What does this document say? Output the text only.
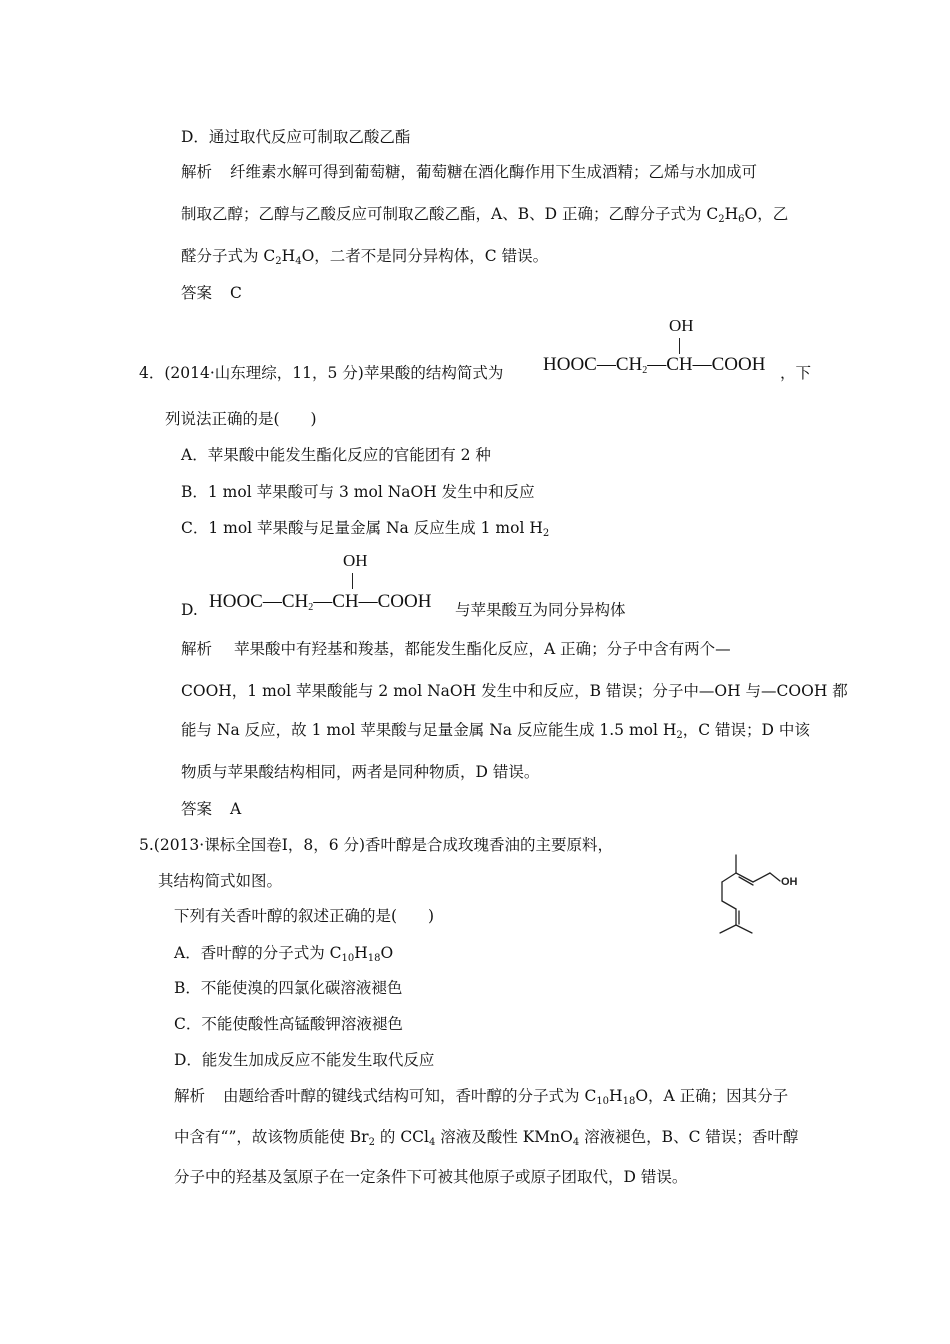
D．通过取代反应可制取乙酸乙酯
解析 纤维素水解可得到葡萄糖，葡萄糖在酒化酶作用下生成酒精；乙烯与水加成可
制取乙醇；乙醇与乙酸反应可制取乙酸乙酯，A、B、D 正确；乙醇分子式为 $C_2H_6O$，乙
醛分子式为 $C_2H_4O$，二者不是同分异构体，C 错误。
答案 C
4．(2014·山东理综，11，5 分)苹果酸的结构简式为
OH
HOOC—CH2—CH—COOH ，下
列说法正确的是(　　)
A．苹果酸中能发生酯化反应的官能团有 2 种
B．1 mol 苹果酸可与 3 mol NaOH 发生中和反应
C．1 mol 苹果酸与足量金属 Na 反应生成 1 mol $H_2$
D.
OH
HOOC—CH2—CH—COOH 与苹果酸互为同分异构体
解析 苹果酸中有羟基和羧基，都能发生酯化反应，A 正确；分子中含有两个—
COOH，1 mol 苹果酸能与 2 mol NaOH 发生中和反应，B 错误；分子中—OH 与—COOH 都
能与 Na 反应，故 1 mol 苹果酸与足量金属 Na 反应能生成 1.5 mol $H_2$，C 错误；D 中该
物质与苹果酸结构相同，两者是同种物质，D 错误。
答案 A
5.(2013·课标全国卷Ⅰ，8，6 分)香叶醇是合成玫瑰香油的主要原料，
其结构简式如图。
下列有关香叶醇的叙述正确的是(　　)
OH
A．香叶醇的分子式为 $C_{10}H_{18}O$
B．不能使溴的四氯化碳溶液褪色
C．不能使酸性高锰酸钾溶液褪色
D．能发生加成反应不能发生取代反应
解析 由题给香叶醇的键线式结构可知，香叶醇的分子式为 $C_{10}H_{18}O$，A 正确；因其分子
中含有“”，故该物质能使 $Br_2$ 的 CCl$_4$ 溶液及酸性 KMnO$_4$ 溶液褪色，B、C 错误；香叶醇
分子中的羟基及氢原子在一定条件下可被其他原子或原子团取代，D 错误。
